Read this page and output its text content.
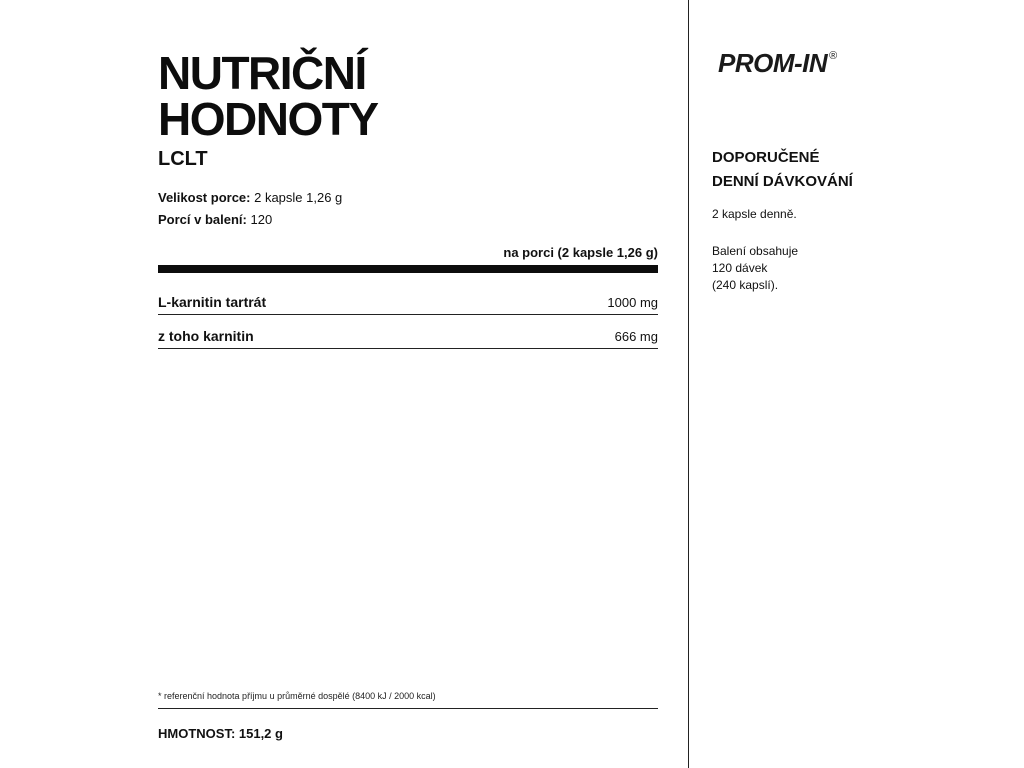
NUTRIČNÍ
HODNOTY
LCLT
Velikost porce: 2 kapsle 1,26 g
Porcí v balení: 120
na porci (2 kapsle 1,26 g)
L-karnitin tartrát	1000 mg
z toho karnitin	666 mg
* referenční hodnota příjmu u průměrné dospělé (8400 kJ / 2000 kcal)
HMOTNOST: 151,2 g
PROM-IN ®
DOPORUČENÉ
DENNÍ DÁVKOVÁNÍ
2 kapsle denně.
Balení obsahuje
120 dávek
(240 kapslí).
